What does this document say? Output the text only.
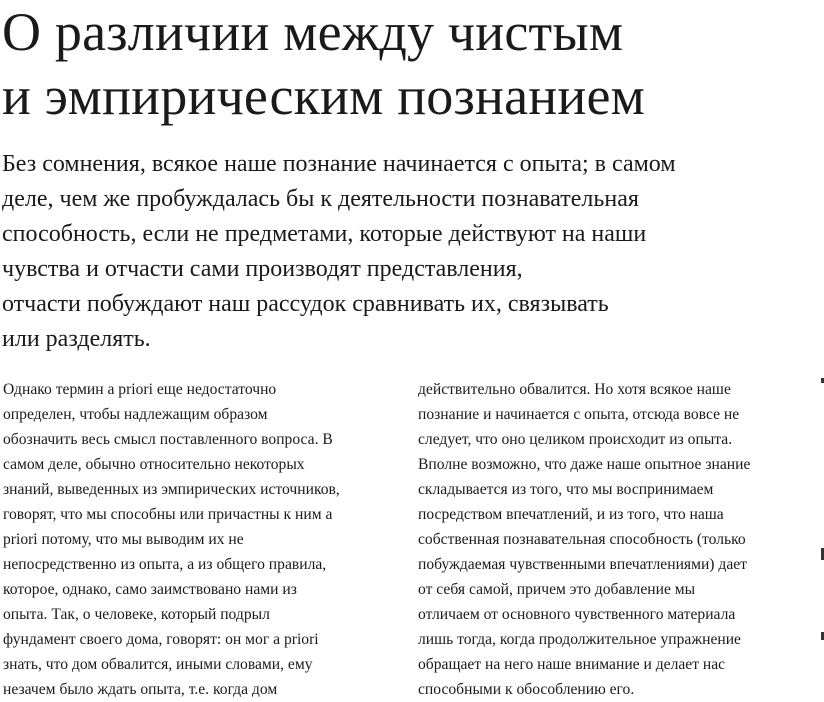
О различии между чистым
и эмпирическим познанием

Без сомнения, всякое наше познание начинается с опыта; в самом
деле, чем же пробуждалась бы к деятельности познавательная
способность, если не предметами, которые действуют на наши
чувства и отчасти сами производят представления,
отчасти побуждают наш рассудок сравнивать их, связывать
или разделять.

Однако термин a priori еще недостаточно
определен, чтобы надлежащим образом
обозначить весь смысл поставленного вопроса. В
самом деле, обычно относительно некоторых
знаний, выведенных из эмпирических источников,
говорят, что мы способны или причастны к ним a
priori потому, что мы выводим их не
непосредственно из опыта, а из общего правила,
которое, однако, само заимствовано нами из
опыта. Так, о человеке, который подрыл
фундамент своего дома, говорят: он мог a priori
знать, что дом обвалится, иными словами, ему
незачем было ждать опыта, т.е. когда дом

действительно обвалится. Но хотя всякое наше
познание и начинается с опыта, отсюда вовсе не
следует, что оно целиком происходит из опыта.
Вполне возможно, что даже наше опытное знание
складывается из того, что мы воспринимаем
посредством впечатлений, и из того, что наша
собственная познавательная способность (только
побуждаемая чувственными впечатлениями) дает
от себя самой, причем это добавление мы
отличаем от основного чувственного материала
лишь тогда, когда продолжительное упражнение
обращает на него наше внимание и делает нас
способными к обособлению его.
